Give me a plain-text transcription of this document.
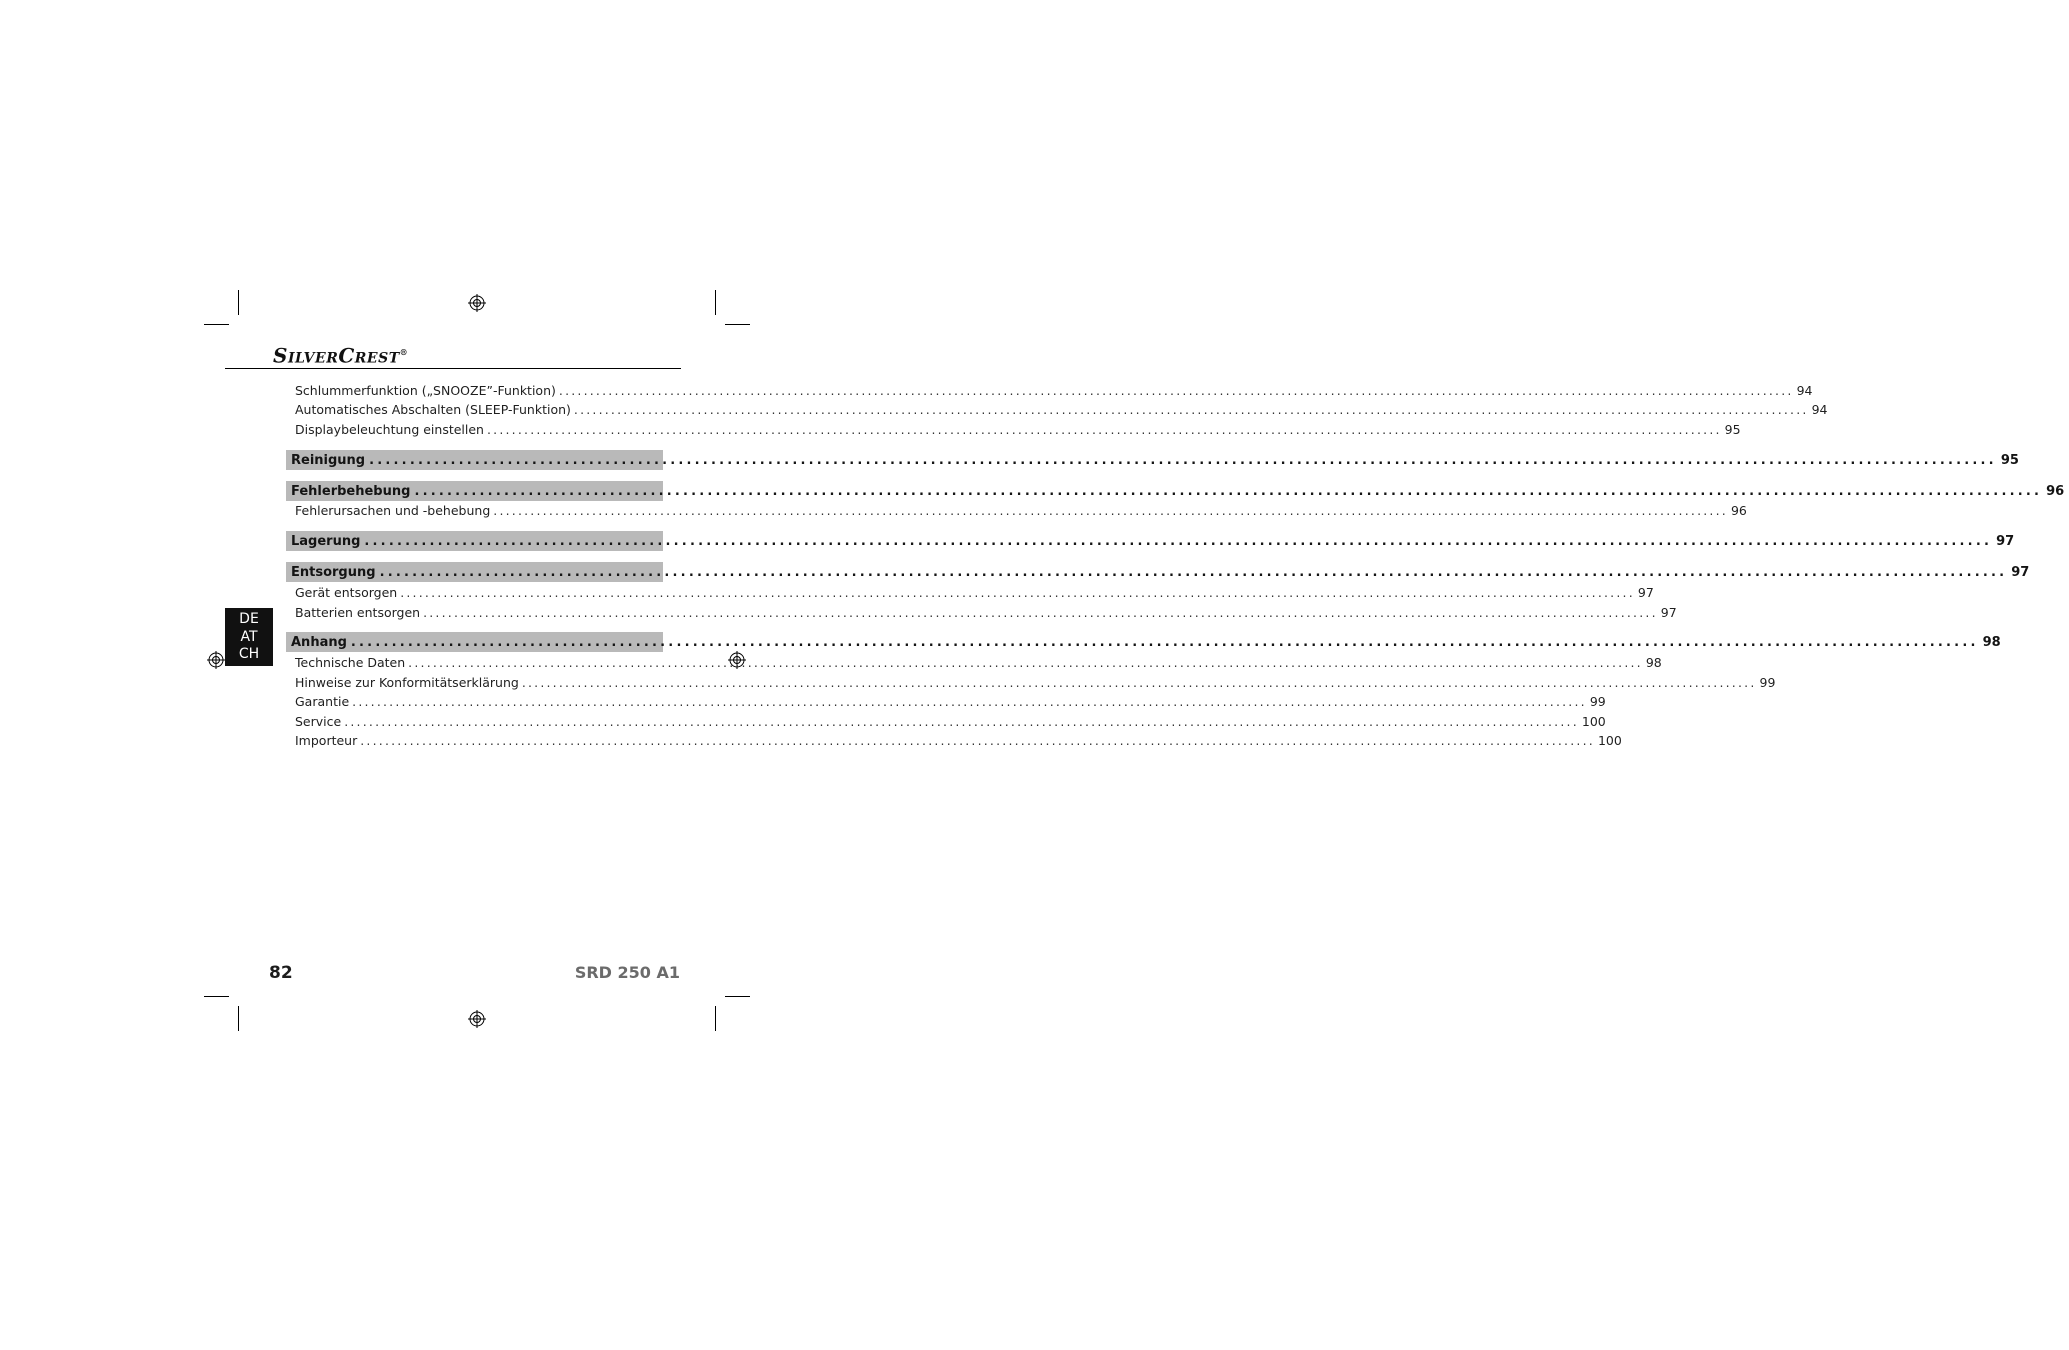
SILVERCREST®
Schlummerfunktion („SNOOZE”-Funktion) ........................................................................................................................................................................................................ 94
Automatisches Abschalten (SLEEP-Funktion) ........................................................................................................................................................................................................ 94
Displaybeleuchtung einstellen ........................................................................................................................................................................................................ 95
Reinigung ........................................................................................................................................................................................................ 95
Fehlerbehebung ........................................................................................................................................................................................................ 96
Fehlerursachen und -behebung ........................................................................................................................................................................................................ 96
Lagerung ........................................................................................................................................................................................................ 97
Entsorgung ........................................................................................................................................................................................................ 97
Gerät entsorgen ........................................................................................................................................................................................................ 97
Batterien entsorgen ........................................................................................................................................................................................................ 97
Anhang ........................................................................................................................................................................................................ 98
Technische Daten ........................................................................................................................................................................................................ 98
Hinweise zur Konformitätserklärung ........................................................................................................................................................................................................ 99
Garantie ........................................................................................................................................................................................................ 99
Service ........................................................................................................................................................................................................ 100
Importeur ........................................................................................................................................................................................................ 100
DE
AT
CH
82	SRD 250 A1
